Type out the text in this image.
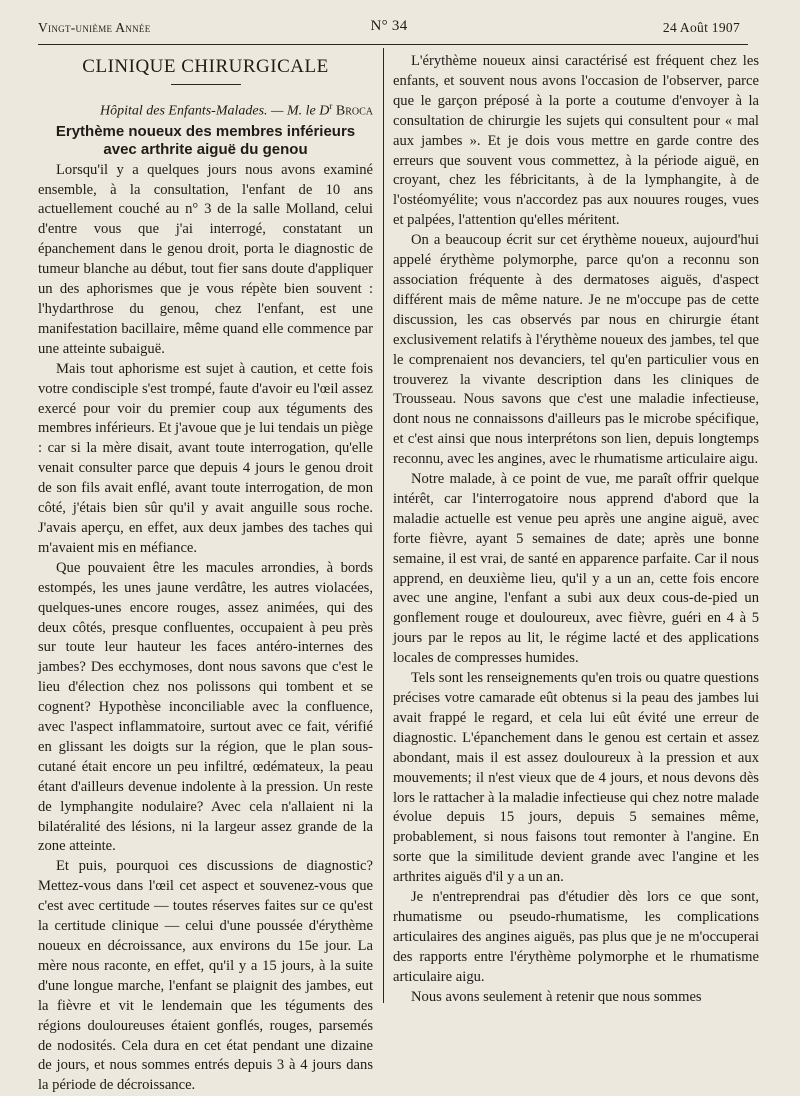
Vingt-unième Année	N° 34	24 Août 1907
CLINIQUE CHIRURGICALE
Hôpital des Enfants-Malades. — M. le $D^r$ Broca
Erythème noueux des membres inférieurs
avec arthrite aiguë du genou

Lorsqu'il y a quelques jours nous avons examiné ensemble, à la consultation, l'enfant de 10 ans actuellement couché au n° 3 de la salle Molland, celui d'entre vous que j'ai interrogé, constatant un épanchement dans le genou droit, porta le diagnostic de tumeur blanche au début, tout fier sans doute d'appliquer un des aphorismes que je vous répète bien souvent : l'hydarthrose du genou, chez l'enfant, est une manifestation bacillaire, même quand elle commence par une atteinte subaiguë.

Mais tout aphorisme est sujet à caution, et cette fois votre condisciple s'est trompé, faute d'avoir eu l'œil assez exercé pour voir du premier coup aux téguments des membres inférieurs. Et j'avoue que je lui tendais un piège : car si la mère disait, avant toute interrogation, qu'elle venait consulter parce que depuis 4 jours le genou droit de son fils avait enflé, avant toute interrogation, de mon côté, j'étais bien sûr qu'il y avait anguille sous roche. J'avais aperçu, en effet, aux deux jambes des taches qui m'avaient mis en méfiance.

Que pouvaient être les macules arrondies, à bords estompés, les unes jaune verdâtre, les autres violacées, quelques-unes encore rouges, assez animées, qui des deux côtés, presque confluentes, occupaient à peu près sur toute leur hauteur les faces antéro-internes des jambes? Des ecchymoses, dont nous savons que c'est le lieu d'élection chez nos polissons qui tombent et se cognent? Hypothèse inconciliable avec la confluence, avec l'aspect inflammatoire, surtout avec ce fait, vérifié en glissant les doigts sur la région, que le plan sous-cutané était encore un peu infiltré, œdémateux, la peau étant d'ailleurs devenue indolente à la pression. Un reste de lymphangite nodulaire? Avec cela n'allaient ni la bilatéralité des lésions, ni la largeur assez grande de la zone atteinte.

Et puis, pourquoi ces discussions de diagnostic? Mettez-vous dans l'œil cet aspect et souvenez-vous que c'est avec certitude — toutes réserves faites sur ce qu'est la certitude clinique — celui d'une poussée d'érythème noueux en décroissance, aux environs du 15e jour. La mère nous raconte, en effet, qu'il y a 15 jours, à la suite d'une longue marche, l'enfant se plaignit des jambes, eut la fièvre et vit le lendemain que les téguments des régions douloureuses étaient gonflés, rouges, parsemés de nodosités. Cela dura en cet état pendant une dizaine de jours, et nous sommes entrés depuis 3 à 4 jours dans la période de décroissance.

L'érythème noueux ainsi caractérisé est fréquent chez les enfants, et souvent nous avons l'occasion de l'observer, parce que le garçon préposé à la porte a coutume d'envoyer à la consultation de chirurgie les sujets qui consultent pour « mal aux jambes ». Et je dois vous mettre en garde contre des erreurs que souvent vous commettez, à la période aiguë, en croyant, chez les fébricitants, à de la lymphangite, à de l'ostéomyélite; vous n'accordez pas aux nouures rouges, vues et palpées, l'attention qu'elles méritent.

On a beaucoup écrit sur cet érythème noueux, aujourd'hui appelé érythème polymorphe, parce qu'on a reconnu son association fréquente à des dermatoses aiguës, d'aspect différent mais de même nature. Je ne m'occupe pas de cette discussion, les cas observés par nous en chirurgie étant exclusivement relatifs à l'érythème noueux des jambes, tel que le comprenaient nos devanciers, tel qu'en particulier vous en trouverez la vivante description dans les cliniques de Trousseau. Nous savons que c'est une maladie infectieuse, dont nous ne connaissons d'ailleurs pas le microbe spécifique, et c'est ainsi que nous interprétons son lien, depuis longtemps reconnu, avec les angines, avec le rhumatisme articulaire aigu.

Notre malade, à ce point de vue, me paraît offrir quelque intérêt, car l'interrogatoire nous apprend d'abord que la maladie actuelle est venue peu après une angine aiguë, avec forte fièvre, ayant 5 semaines de date; après une bonne semaine, il est vrai, de santé en apparence parfaite. Car il nous apprend, en deuxième lieu, qu'il y a un an, cette fois encore avec une angine, l'enfant a subi aux deux cous-de-pied un gonflement rouge et douloureux, avec fièvre, guéri en 4 à 5 jours par le repos au lit, le régime lacté et des applications locales de compresses humides.

Tels sont les renseignements qu'en trois ou quatre questions précises votre camarade eût obtenus si la peau des jambes lui avait frappé le regard, et cela lui eût évité une erreur de diagnostic. L'épanchement dans le genou est certain et assez abondant, mais il est assez douloureux à la pression et aux mouvements; il n'est vieux que de 4 jours, et nous devons dès lors le rattacher à la maladie infectieuse qui chez notre malade évolue depuis 15 jours, depuis 5 semaines même, probablement, si nous faisons tout remonter à l'angine. En sorte que la similitude devient grande avec l'angine et les arthrites aiguës d'il y a un an.

Je n'entreprendrai pas d'étudier dès lors ce que sont, rhumatisme ou pseudo-rhumatisme, les complications articulaires des angines aiguës, pas plus que je ne m'occuperai des rapports entre l'érythème polymorphe et le rhumatisme articulaire aigu.

Nous avons seulement à retenir que nous sommes
